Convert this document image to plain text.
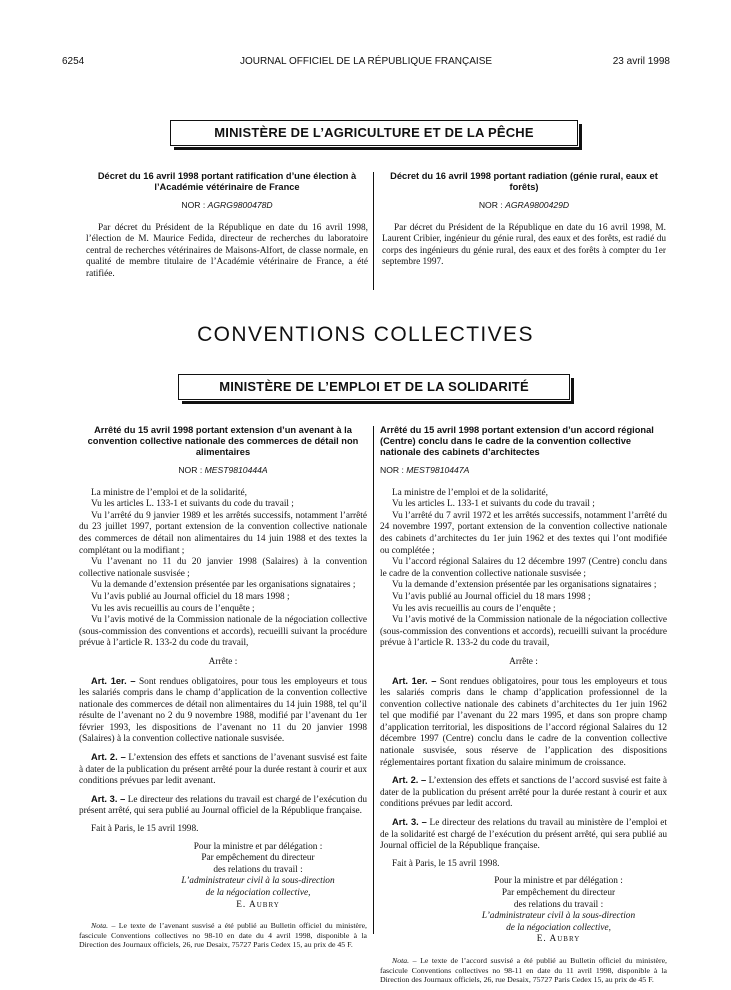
6254	JOURNAL OFFICIEL DE LA RÉPUBLIQUE FRANÇAISE	23 avril 1998
MINISTÈRE DE L’AGRICULTURE ET DE LA PÊCHE
Décret du 16 avril 1998 portant ratification d’une élection à l’Académie vétérinaire de France
NOR : AGRG9800478D

Par décret du Président de la République en date du 16 avril 1998, l’élection de M. Maurice Fedida, directeur de recherches du laboratoire central de recherches vétérinaires de Maisons-Alfort, de classe normale, en qualité de membre titulaire de l’Académie vétérinaire de France, a été ratifiée.

Décret du 16 avril 1998 portant radiation (génie rural, eaux et forêts)
NOR : AGRA9800429D

Par décret du Président de la République en date du 16 avril 1998, M. Laurent Cribier, ingénieur du génie rural, des eaux et des forêts, est radié du corps des ingénieurs du génie rural, des eaux et des forêts à compter du 1er septembre 1997.

CONVENTIONS COLLECTIVES
MINISTÈRE DE L’EMPLOI ET DE LA SOLIDARITÉ
Arrêté du 15 avril 1998 portant extension d’un avenant à la convention collective nationale des commerces de détail non alimentaires
NOR : MEST9810444A

La ministre de l’emploi et de la solidarité,

Vu les articles L. 133-1 et suivants du code du travail ;

Vu l’arrêté du 9 janvier 1989 et les arrêtés successifs, notamment l’arrêté du 23 juillet 1997, portant extension de la convention collective nationale des commerces de détail non alimentaires du 14 juin 1988 et des textes la complétant ou la modifiant ;

Vu l’avenant no 11 du 20 janvier 1998 (Salaires) à la convention collective nationale susvisée ;

Vu la demande d’extension présentée par les organisations signataires ;

Vu l’avis publié au Journal officiel du 18 mars 1998 ;

Vu les avis recueillis au cours de l’enquête ;

Vu l’avis motivé de la Commission nationale de la négociation collective (sous-commission des conventions et accords), recueilli suivant la procédure prévue à l’article R. 133-2 du code du travail,

Arrête :

Art. 1er. – Sont rendues obligatoires, pour tous les employeurs et tous les salariés compris dans le champ d’application de la convention collective nationale des commerces de détail non alimentaires du 14 juin 1988, tel qu’il résulte de l’avenant no 2 du 9 novembre 1988, modifié par l’avenant du 1er février 1993, les dispositions de l’avenant no 11 du 20 janvier 1998 (Salaires) à la convention collective nationale susvisée.

Art. 2. – L’extension des effets et sanctions de l’avenant susvisé est faite à dater de la publication du présent arrêté pour la durée restant à courir et aux conditions prévues par ledit avenant.

Art. 3. – Le directeur des relations du travail est chargé de l’exécution du présent arrêté, qui sera publié au Journal officiel de la République française.

Fait à Paris, le 15 avril 1998.

Pour la ministre et par délégation :
Par empêchement du directeur
des relations du travail :
L’administrateur civil à la sous-direction
de la négociation collective,
E. Aubry

Nota. – Le texte de l’avenant susvisé a été publié au Bulletin officiel du ministère, fascicule Conventions collectives no 98-10 en date du 4 avril 1998, disponible à la Direction des Journaux officiels, 26, rue Desaix, 75727 Paris Cedex 15, au prix de 45 F.

Arrêté du 15 avril 1998 portant extension d’un accord régional (Centre) conclu dans le cadre de la convention collective nationale des cabinets d’architectes
NOR : MEST9810447A

La ministre de l’emploi et de la solidarité,

Vu les articles L. 133-1 et suivants du code du travail ;

Vu l’arrêté du 7 avril 1972 et les arrêtés successifs, notamment l’arrêté du 24 novembre 1997, portant extension de la convention collective nationale des cabinets d’architectes du 1er juin 1962 et des textes qui l’ont modifiée ou complétée ;

Vu l’accord régional Salaires du 12 décembre 1997 (Centre) conclu dans le cadre de la convention collective nationale susvisée ;

Vu la demande d’extension présentée par les organisations signataires ;

Vu l’avis publié au Journal officiel du 18 mars 1998 ;

Vu les avis recueillis au cours de l’enquête ;

Vu l’avis motivé de la Commission nationale de la négociation collective (sous-commission des conventions et accords), recueilli suivant la procédure prévue à l’article R. 133-2 du code du travail,

Arrête :

Art. 1er. – Sont rendues obligatoires, pour tous les employeurs et tous les salariés compris dans le champ d’application professionnel de la convention collective nationale des cabinets d’architectes du 1er juin 1962 tel que modifié par l’avenant du 22 mars 1995, et dans son propre champ d’application territorial, les dispositions de l’accord régional Salaires du 12 décembre 1997 (Centre) conclu dans le cadre de la convention collective nationale susvisée, sous réserve de l’application des dispositions réglementaires portant fixation du salaire minimum de croissance.

Art. 2. – L’extension des effets et sanctions de l’accord susvisé est faite à dater de la publication du présent arrêté pour la durée restant à courir et aux conditions prévues par ledit accord.

Art. 3. – Le directeur des relations du travail au ministère de l’emploi et de la solidarité est chargé de l’exécution du présent arrêté, qui sera publié au Journal officiel de la République française.

Fait à Paris, le 15 avril 1998.

Pour la ministre et par délégation :
Par empêchement du directeur
des relations du travail :
L’administrateur civil à la sous-direction
de la négociation collective,
E. Aubry

Nota. – Le texte de l’accord susvisé a été publié au Bulletin officiel du ministère, fascicule Conventions collectives no 98-11 en date du 11 avril 1998, disponible à la Direction des Journaux officiels, 26, rue Desaix, 75727 Paris Cedex 15, au prix de 45 F.
